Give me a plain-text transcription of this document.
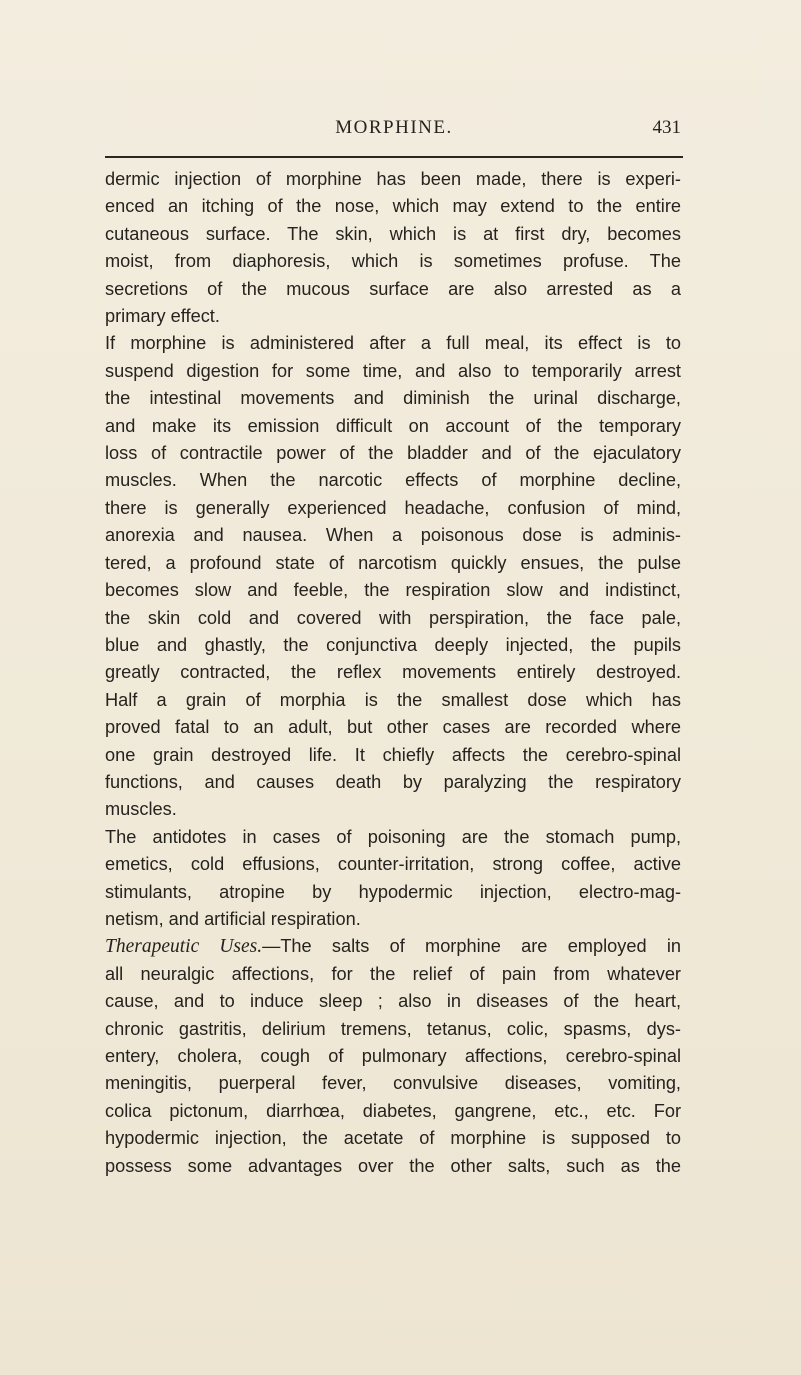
MORPHINE.	431
dermic injection of morphine has been made, there is experi-
enced an itching of the nose, which may extend to the entire
cutaneous surface. The skin, which is at first dry, becomes
moist, from diaphoresis, which is sometimes profuse. The
secretions of the mucous surface are also arrested as a
primary effect.
If morphine is administered after a full meal, its effect is to
suspend digestion for some time, and also to temporarily arrest
the intestinal movements and diminish the urinal discharge,
and make its emission difficult on account of the temporary
loss of contractile power of the bladder and of the ejaculatory
muscles. When the narcotic effects of morphine decline,
there is generally experienced headache, confusion of mind,
anorexia and nausea. When a poisonous dose is adminis-
tered, a profound state of narcotism quickly ensues, the pulse
becomes slow and feeble, the respiration slow and indistinct,
the skin cold and covered with perspiration, the face pale,
blue and ghastly, the conjunctiva deeply injected, the pupils
greatly contracted, the reflex movements entirely destroyed.
Half a grain of morphia is the smallest dose which has
proved fatal to an adult, but other cases are recorded where
one grain destroyed life. It chiefly affects the cerebro-spinal
functions, and causes death by paralyzing the respiratory
muscles.
The antidotes in cases of poisoning are the stomach pump,
emetics, cold effusions, counter-irritation, strong coffee, active
stimulants, atropine by hypodermic injection, electro-mag-
netism, and artificial respiration.
Therapeutic Uses.—The salts of morphine are employed in
all neuralgic affections, for the relief of pain from whatever
cause, and to induce sleep ; also in diseases of the heart,
chronic gastritis, delirium tremens, tetanus, colic, spasms, dys-
entery, cholera, cough of pulmonary affections, cerebro-spinal
meningitis, puerperal fever, convulsive diseases, vomiting,
colica pictonum, diarrhœa, diabetes, gangrene, etc., etc. For
hypodermic injection, the acetate of morphine is supposed to
possess some advantages over the other salts, such as the
